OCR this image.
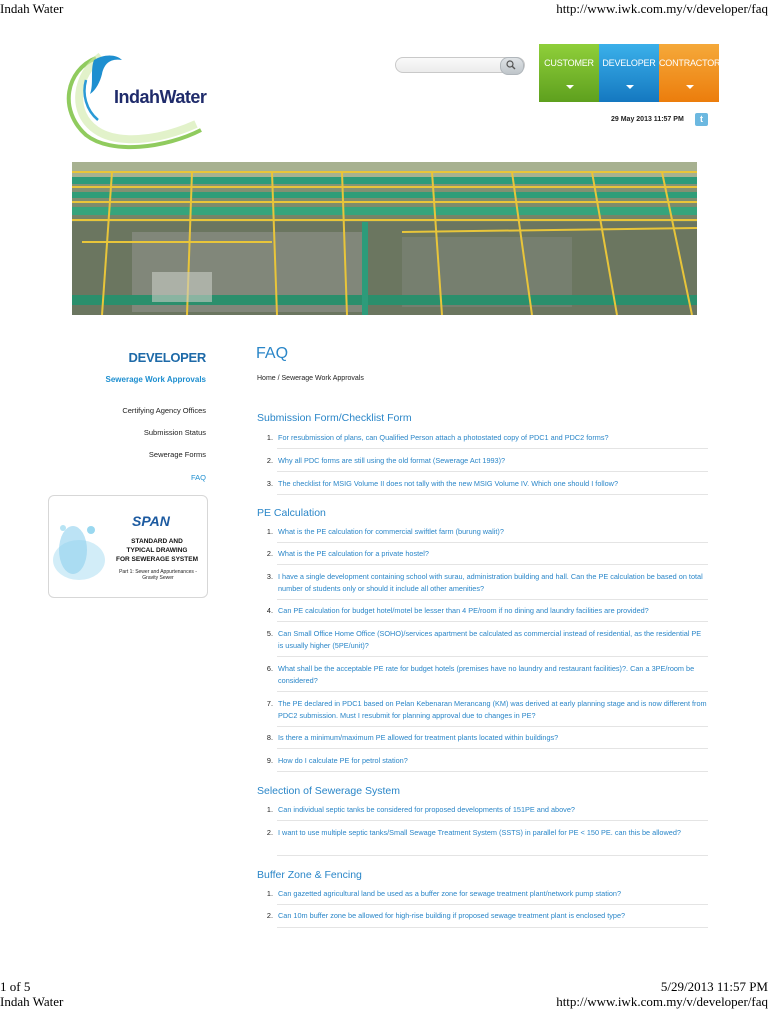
Indah Water	http://www.iwk.com.my/v/developer/faq
IndahWater
CUSTOMER DEVELOPER CONTRACTOR
29 May 2013 11:57 PM	t
DEVELOPER
Sewerage Work Approvals
Certifying Agency Offices
Submission Status
Sewerage Forms
FAQ
SPAN
STANDARD AND
TYPICAL DRAWING
FOR SEWERAGE SYSTEM
Part 1: Sewer and Appurtenances -
Gravity Sewer
FAQ
Home / Sewerage Work Approvals
Submission Form/Checklist Form
1. For resubmission of plans, can Qualified Person attach a photostated copy of PDC1 and PDC2 forms?
2. Why all PDC forms are still using the old format (Sewerage Act 1993)?
3. The checklist for MSIG Volume II does not tally with the new MSIG Volume IV. Which one should I follow?
PE Calculation
1. What is the PE calculation for commercial swiftlet farm (burung walit)?
2. What is the PE calculation for a private hostel?
3. I have a single development containing school with surau, administration building and hall. Can the PE calculation be based on total number of students only or should it include all other amenities?
4. Can PE calculation for budget hotel/motel be lesser than 4 PE/room if no dining and laundry facilities are provided?
5. Can Small Office Home Office (SOHO)/services apartment be calculated as commercial instead of residential, as the residential PE is usually higher (5PE/unit)?
6. What shall be the acceptable PE rate for budget hotels (premises have no laundry and restaurant facilities)?. Can a 3PE/room be considered?
7. The PE declared in PDC1 based on Pelan Kebenaran Merancang (KM) was derived at early planning stage and is now different from PDC2 submission. Must I resubmit for planning approval due to changes in PE?
8. Is there a minimum/maximum PE allowed for treatment plants located within buildings?
9. How do I calculate PE for petrol station?
Selection of Sewerage System
1. Can individual septic tanks be considered for proposed developments of 151PE and above?
2. I want to use multiple septic tanks/Small Sewage Treatment System (SSTS) in parallel for PE < 150 PE. can this be allowed?
Buffer Zone & Fencing
1. Can gazetted agricultural land be used as a buffer zone for sewage treatment plant/network pump station?
2. Can 10m buffer zone be allowed for high-rise building if proposed sewage treatment plant is enclosed type?
1 of 5	5/29/2013 11:57 PM
Indah Water	http://www.iwk.com.my/v/developer/faq
